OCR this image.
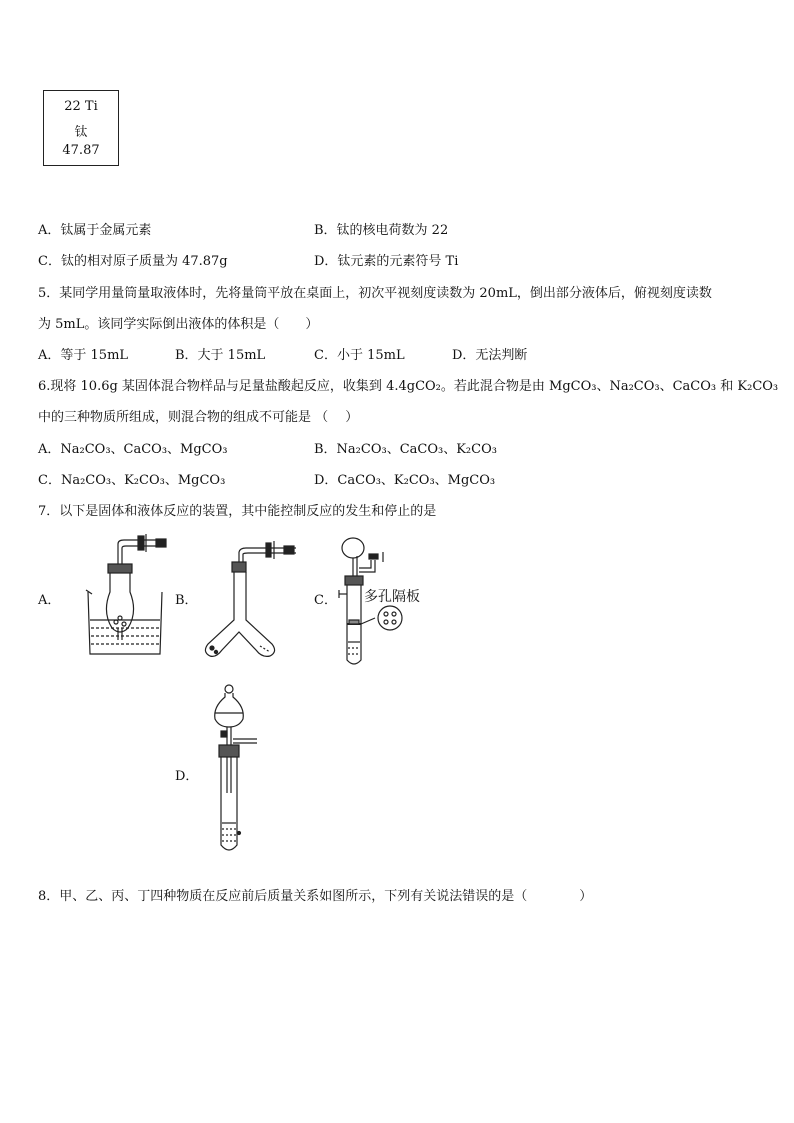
22 Ti
钛
47.87
A．钛属于金属元素	B．钛的核电荷数为 22
C．钛的相对原子质量为 47.87g	D．钛元素的元素符号 Ti
5．某同学用量筒量取液体时，先将量筒平放在桌面上，初次平视刻度读数为 20mL，倒出部分液体后，俯视刻度读数
为 5mL。该同学实际倒出液体的体积是（　　）
A．等于 15mL	B．大于 15mL	C．小于 15mL	D．无法判断
6.现将 10.6g 某固体混合物样品与足量盐酸起反应，收集到 4.4gCO₂。若此混合物是由 MgCO₃、Na₂CO₃、CaCO₃ 和 K₂CO₃
中的三种物质所组成，则混合物的组成不可能是 （　 ）
A．Na₂CO₃、CaCO₃、MgCO₃	B．Na₂CO₃、CaCO₃、K₂CO₃
C．Na₂CO₃、K₂CO₃、MgCO₃	D．CaCO₃、K₂CO₃、MgCO₃
7．以下是固体和液体反应的装置，其中能控制反应的发生和停止的是
A．	B．	C．
D．
多孔隔板
8．甲、乙、丙、丁四种物质在反应前后质量关系如图所示，下列有关说法错误的是（　　　　）
